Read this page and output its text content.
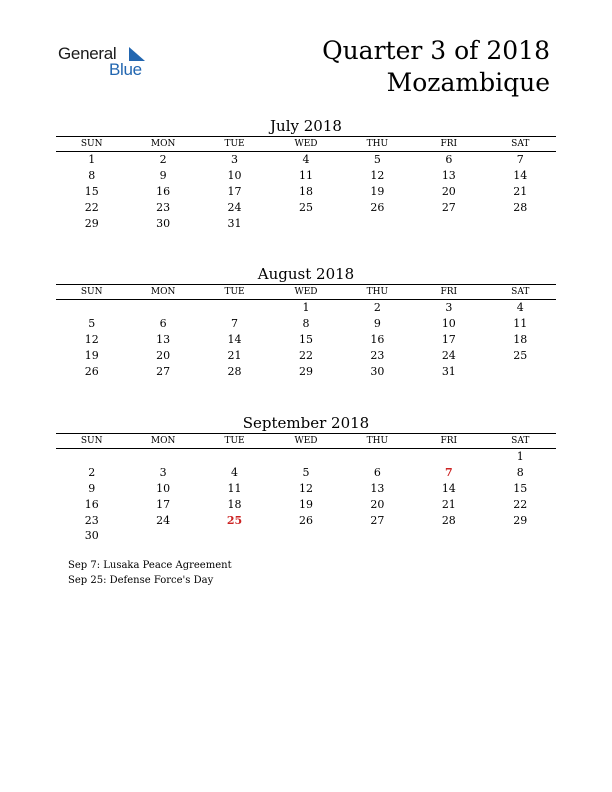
General
Blue
Quarter 3 of 2018
Mozambique
July 2018
SUN	MON	TUE	WED	THU	FRI	SAT
1	2	3	4	5	6	7
8	9	10	11	12	13	14
15	16	17	18	19	20	21
22	23	24	25	26	27	28
29	30	31				
August 2018
SUN	MON	TUE	WED	THU	FRI	SAT
			1	2	3	4
5	6	7	8	9	10	11
12	13	14	15	16	17	18
19	20	21	22	23	24	25
26	27	28	29	30	31	
September 2018
SUN	MON	TUE	WED	THU	FRI	SAT
						1
2	3	4	5	6	7	8
9	10	11	12	13	14	15
16	17	18	19	20	21	22
23	24	25	26	27	28	29
30						
Sep 7: Lusaka Peace Agreement
Sep 25: Defense Force's Day
